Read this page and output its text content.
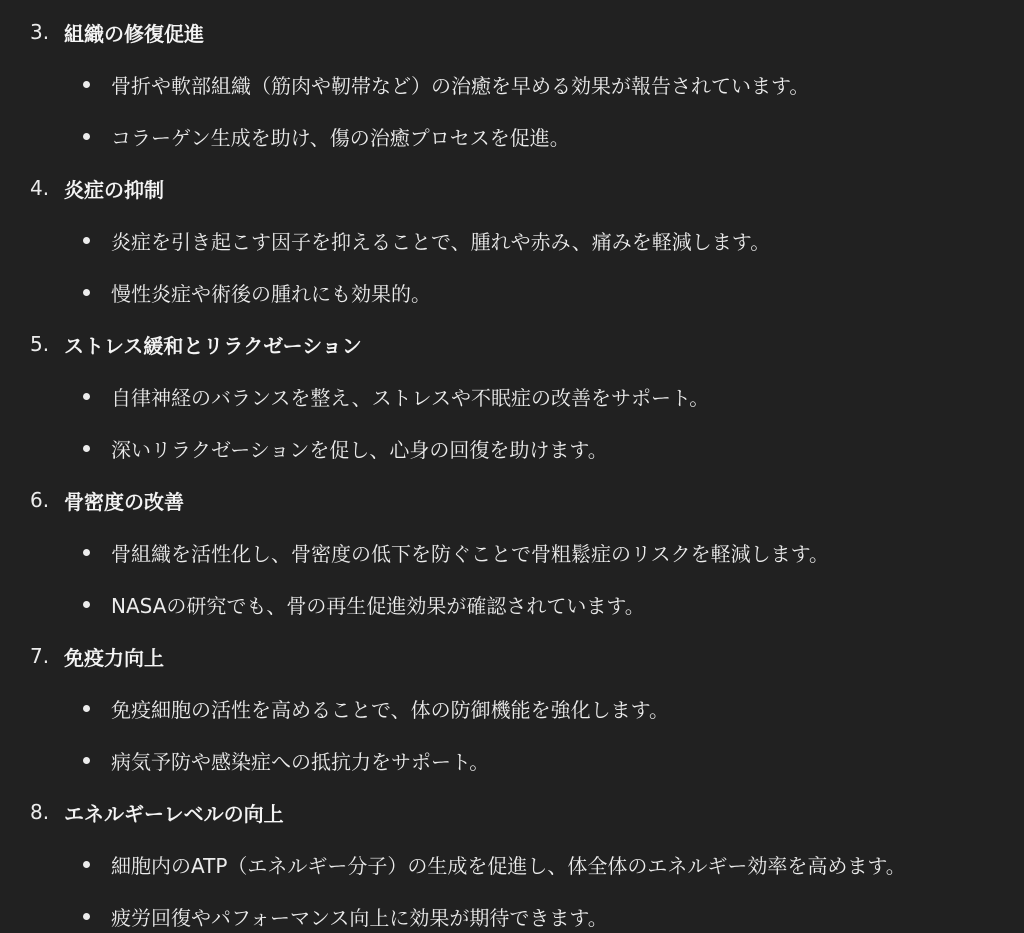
3. 組織の修復促進
骨折や軟部組織（筋肉や靭帯など）の治癒を早める効果が報告されています。
コラーゲン生成を助け、傷の治癒プロセスを促進。
4. 炎症の抑制
炎症を引き起こす因子を抑えることで、腫れや赤み、痛みを軽減します。
慢性炎症や術後の腫れにも効果的。
5. ストレス緩和とリラクゼーション
自律神経のバランスを整え、ストレスや不眠症の改善をサポート。
深いリラクゼーションを促し、心身の回復を助けます。
6. 骨密度の改善
骨組織を活性化し、骨密度の低下を防ぐことで骨粗鬆症のリスクを軽減します。
NASAの研究でも、骨の再生促進効果が確認されています。
7. 免疫力向上
免疫細胞の活性を高めることで、体の防御機能を強化します。
病気予防や感染症への抵抗力をサポート。
8. エネルギーレベルの向上
細胞内のATP（エネルギー分子）の生成を促進し、体全体のエネルギー効率を高めます。
疲労回復やパフォーマンス向上に効果が期待できます。
